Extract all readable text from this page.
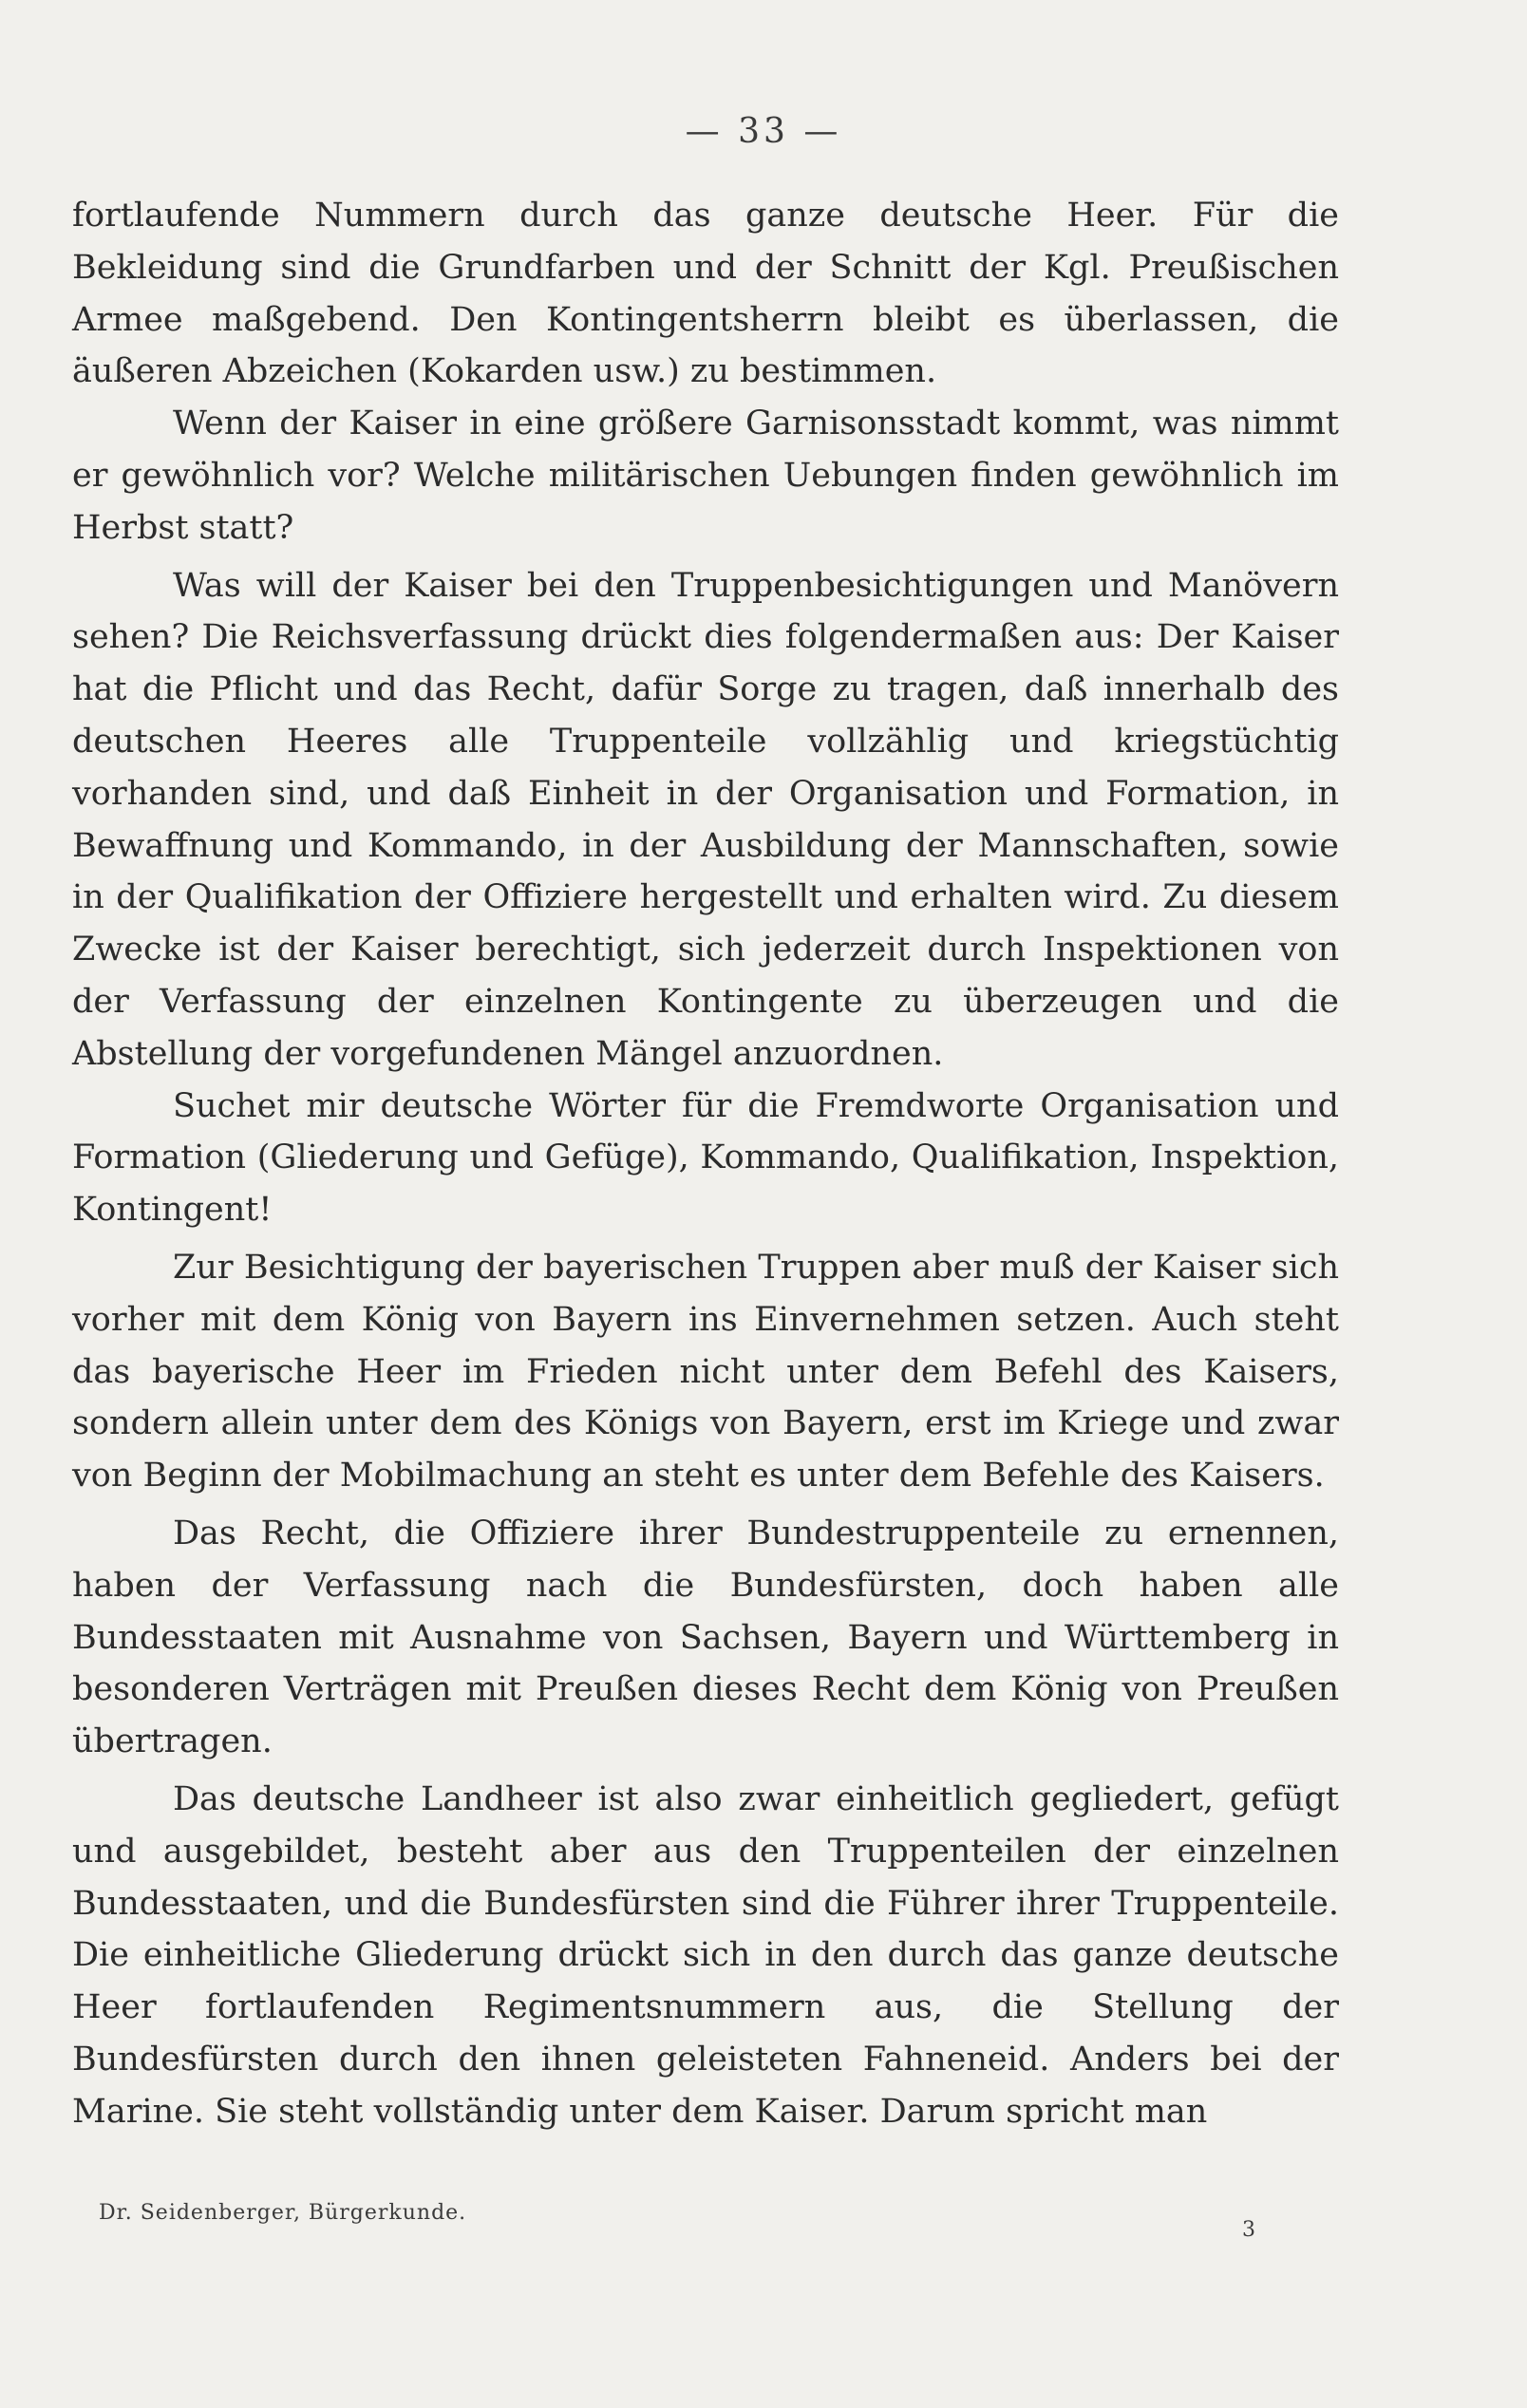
— 33 —

fortlaufende Nummern durch das ganze deutsche Heer. Für die Bekleidung sind die Grundfarben und der Schnitt der Kgl. Preußischen Armee maßgebend. Den Kontingentsherrn bleibt es überlassen, die äußeren Abzeichen (Kokarden usw.) zu bestimmen.

Wenn der Kaiser in eine größere Garnisonsstadt kommt, was nimmt er gewöhnlich vor? Welche militärischen Uebungen finden gewöhnlich im Herbst statt?

Was will der Kaiser bei den Truppenbesichtigungen und Manövern sehen? Die Reichsverfassung drückt dies folgendermaßen aus: Der Kaiser hat die Pflicht und das Recht, dafür Sorge zu tragen, daß innerhalb des deutschen Heeres alle Truppenteile vollzählig und kriegstüchtig vorhanden sind, und daß Einheit in der Organisation und Formation, in Bewaffnung und Kommando, in der Ausbildung der Mannschaften, sowie in der Qualifikation der Offiziere hergestellt und erhalten wird. Zu diesem Zwecke ist der Kaiser berechtigt, sich jederzeit durch Inspektionen von der Verfassung der einzelnen Kontingente zu überzeugen und die Abstellung der vorgefundenen Mängel anzuordnen.

Suchet mir deutsche Wörter für die Fremdworte Organisation und Formation (Gliederung und Gefüge), Kommando, Qualifikation, Inspektion, Kontingent!

Zur Besichtigung der bayerischen Truppen aber muß der Kaiser sich vorher mit dem König von Bayern ins Einvernehmen setzen. Auch steht das bayerische Heer im Frieden nicht unter dem Befehl des Kaisers, sondern allein unter dem des Königs von Bayern, erst im Kriege und zwar von Beginn der Mobilmachung an steht es unter dem Befehle des Kaisers.

Das Recht, die Offiziere ihrer Bundestruppenteile zu ernennen, haben der Verfassung nach die Bundesfürsten, doch haben alle Bundesstaaten mit Ausnahme von Sachsen, Bayern und Württemberg in besonderen Verträgen mit Preußen dieses Recht dem König von Preußen übertragen.

Das deutsche Landheer ist also zwar einheitlich gegliedert, gefügt und ausgebildet, besteht aber aus den Truppenteilen der einzelnen Bundesstaaten, und die Bundesfürsten sind die Führer ihrer Truppenteile. Die einheitliche Gliederung drückt sich in den durch das ganze deutsche Heer fortlaufenden Regimentsnummern aus, die Stellung der Bundesfürsten durch den ihnen geleisteten Fahneneid. Anders bei der Marine. Sie steht vollständig unter dem Kaiser. Darum spricht man

Dr. Seidenberger, Bürgerkunde.
3
